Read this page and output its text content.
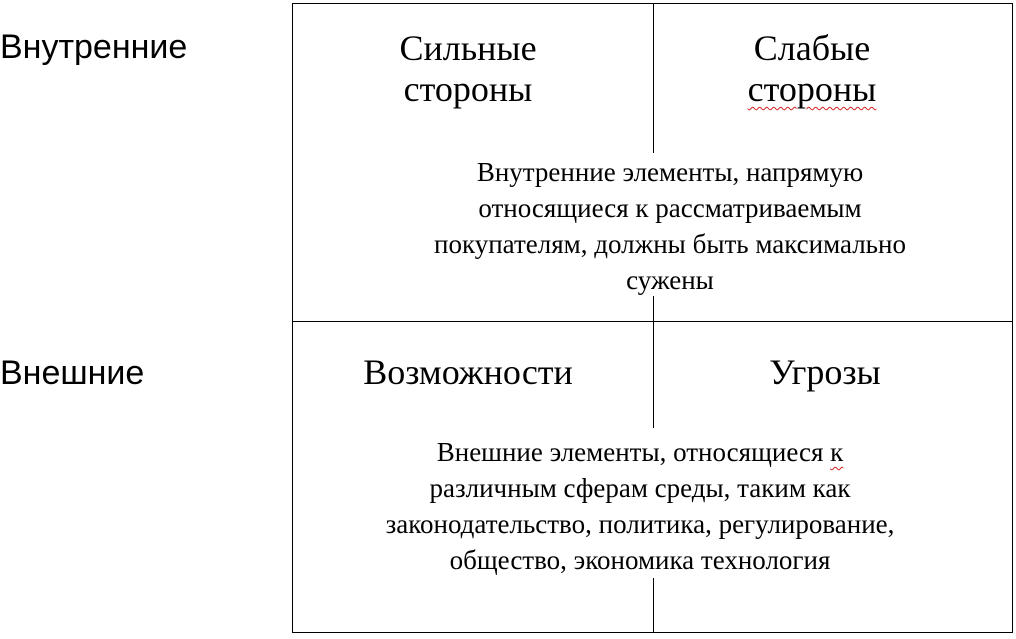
Внутренние
Внешние
Сильные
стороны
Слабые
стороны
Внутренние элементы, напрямую
относящиеся к рассматриваемым
покупателям, должны быть максимально
сужены
Возможности	Угрозы
Внешние элементы, относящиеся к
различным сферам среды, таким как
законодательство, политика, регулирование,
общество, экономика технология
